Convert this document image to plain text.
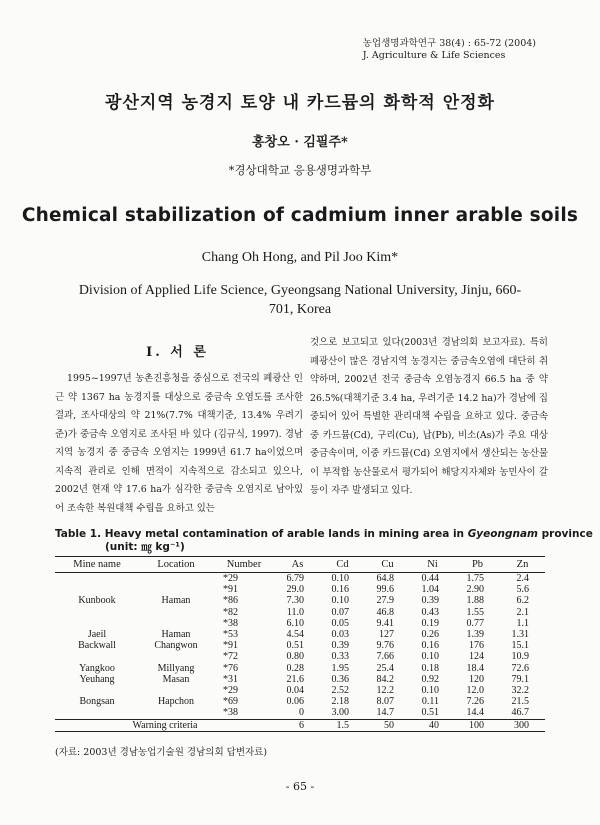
농업생명과학연구 38(4) : 65-72 (2004)
J. Agriculture & Life Sciences
광산지역 농경지 토양 내 카드뮴의 화학적 안정화
홍창오 · 김필주*
*경상대학교 응용생명과학부
Chemical stabilization of cadmium inner arable soils
Chang Oh Hong, and Pil Joo Kim*
Division of Applied Life Science, Gyeongsang National University, Jinju, 660-701, Korea
Ⅰ. 서 론

1995~1997년 농촌진흥청을 중심으로 전국의 폐광산 인근 약 1367 ha 농경지를 대상으로 중금속 오염도를 조사한 결과, 조사대상의 약 21%(7.7% 대책기준, 13.4% 우려기준)가 중금속 오염지로 조사된 바 있다 (김규식, 1997). 경남지역 농경지 중 중금속 오염지는 1999년 61.7 ha이었으며 지속적 관리로 인해 면적이 지속적으로 감소되고 있으나, 2002년 현재 약 17.6 ha가 심각한 중금속 오염지로 남아있어 조속한 복원대책 수립을 요하고 있는

것으로 보고되고 있다(2003년 경남의회 보고자료). 특히 폐광산이 많은 경남지역 농경지는 중금속오염에 대단히 취약하며, 2002년 전국 중금속 오염농경지 66.5 ha 중 약 26.5%(대책기준 3.4 ha, 우려기준 14.2 ha)가 경남에 집중되어 있어 특별한 관리대책 수립을 요하고 있다. 중금속 중 카드뮴(Cd), 구리(Cu), 납(Pb), 비소(As)가 주요 대상 중금속이며, 이중 카드뮴(Cd) 오염지에서 생산되는 농산물이 부적합 농산물로서 평가되어 해당지자체와 농민사이 갈등이 자주 발생되고 있다.

Table 1. Heavy metal contamination of arable lands in mining area in Gyeongnam province
(unit: ㎎ kg⁻¹)
Mine name	Location	Number	As	Cd	Cu	Ni	Pb	Zn
		*29	6.79	0.10	64.8	0.44	1.75	2.4
		*91	29.0	0.16	99.6	1.04	2.90	5.6
Kunbook	Haman	*86	7.30	0.10	27.9	0.39	1.88	6.2
		*82	11.0	0.07	46.8	0.43	1.55	2.1
		*38	6.10	0.05	9.41	0.19	0.77	1.1
Jaeil	Haman	*53	4.54	0.03	127	0.26	1.39	1.31
Backwall	Changwon	*91	0.51	0.39	9.76	0.16	176	15.1
		*72	0.80	0.33	7.66	0.10	124	10.9
Yangkoo	Millyang	*76	0.28	1.95	25.4	0.18	18.4	72.6
Yeuhang	Masan	*31	21.6	0.36	84.2	0.92	120	79.1
		*29	0.04	2.52	12.2	0.10	12.0	32.2
Bongsan	Hapchon	*69	0.06	2.18	8.07	0.11	7.26	21.5
		*38	0	3.00	14.7	0.51	14.4	46.7
Warning criteria			6	1.5	50	40	100	300
(자료: 2003년 경남농업기술원 경남의회 답변자료)
- 65 -
